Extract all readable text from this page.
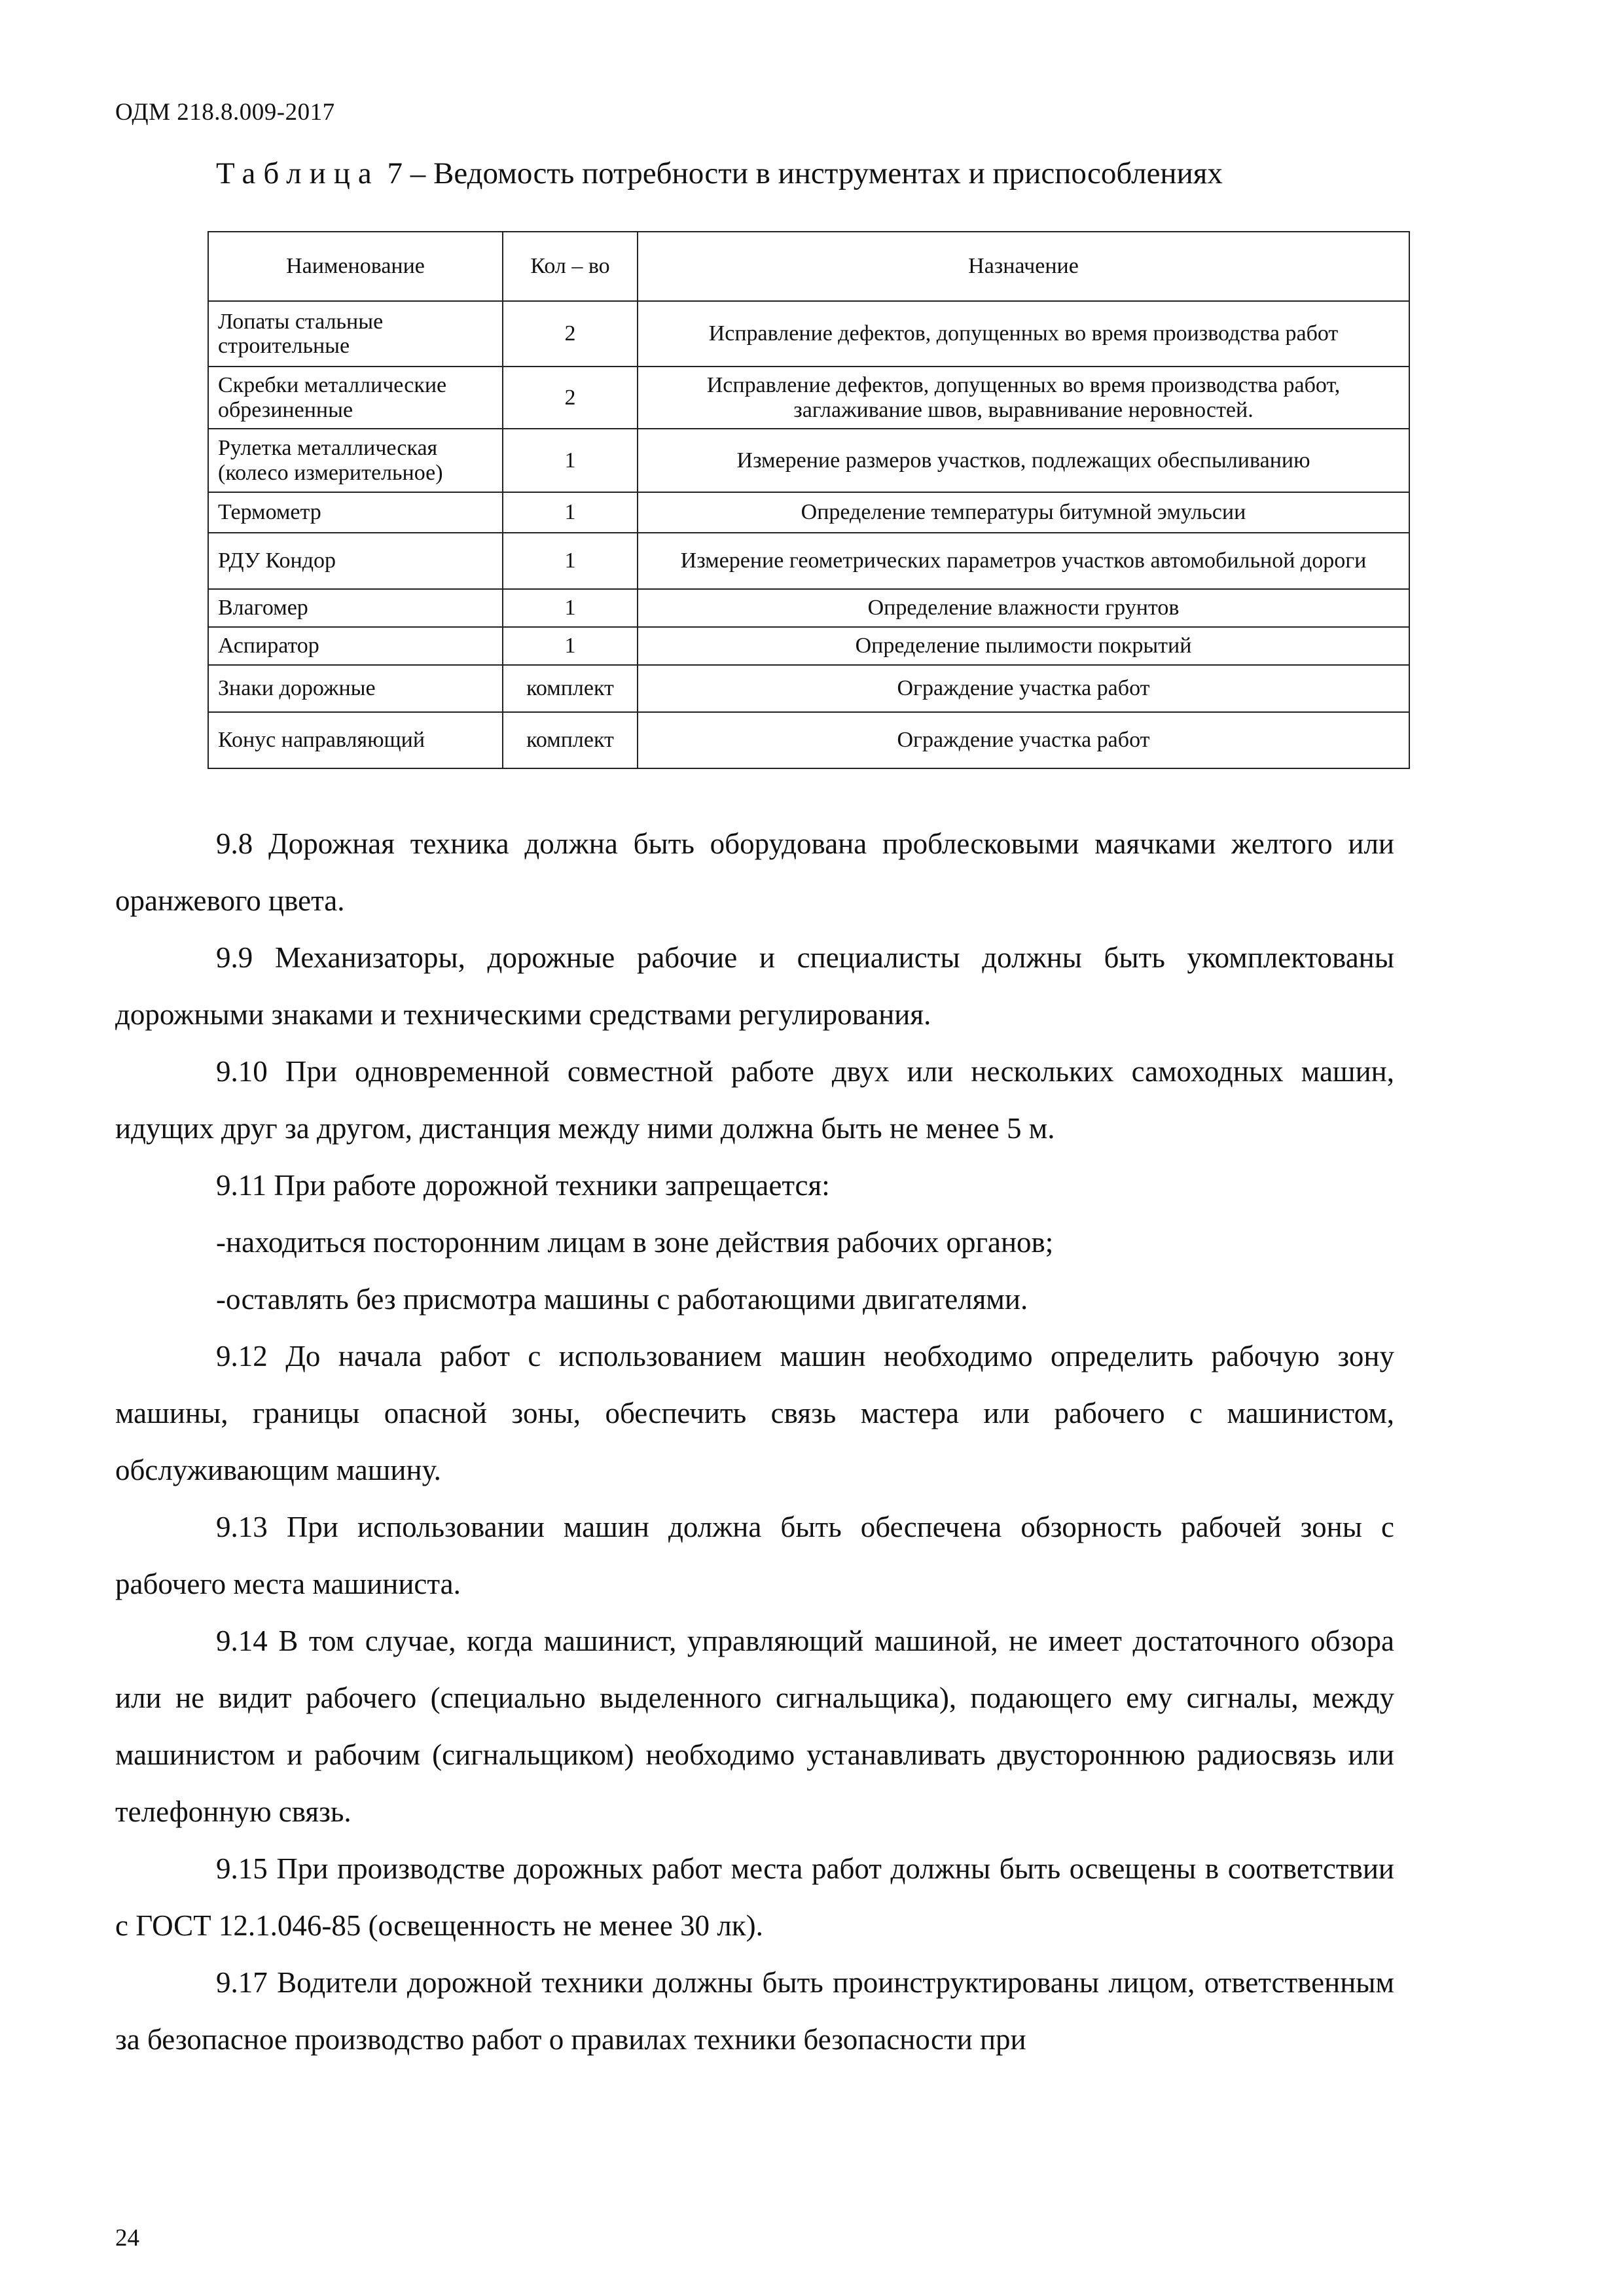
ОДМ 218.8.009-2017
Таблица 7 – Ведомость потребности в инструментах и приспособлениях
Наименование	Кол – во	Назначение
Лопаты стальные строительные	2	Исправление дефектов, допущенных во время производства работ
Скребки металлические обрезиненные	2	Исправление дефектов, допущенных во время производства работ, заглаживание швов, выравнивание неровностей.
Рулетка металлическая (колесо измерительное)	1	Измерение размеров участков, подлежащих обеспыливанию
Термометр	1	Определение температуры битумной эмульсии
РДУ Кондор	1	Измерение геометрических параметров участков автомобильной дороги
Влагомер	1	Определение влажности грунтов
Аспиратор	1	Определение пылимости покрытий
Знаки дорожные	комплект	Ограждение участка работ
Конус направляющий	комплект	Ограждение участка работ

9.8 Дорожная техника должна быть оборудована проблесковыми маячками желтого или оранжевого цвета.

9.9 Механизаторы, дорожные рабочие и специалисты должны быть укомплектованы дорожными знаками и техническими средствами регулирования.

9.10 При одновременной совместной работе двух или нескольких самоходных машин, идущих друг за другом, дистанция между ними должна быть не менее 5 м.

9.11 При работе дорожной техники запрещается:

-находиться посторонним лицам в зоне действия рабочих органов;

-оставлять без присмотра машины с работающими двигателями.

9.12 До начала работ с использованием машин необходимо определить рабочую зону машины, границы опасной зоны, обеспечить связь мастера или рабочего с машинистом, обслуживающим машину.

9.13 При использовании машин должна быть обеспечена обзорность рабочей зоны с рабочего места машиниста.

9.14 В том случае, когда машинист, управляющий машиной, не имеет достаточного обзора или не видит рабочего (специально выделенного сигнальщика), подающего ему сигналы, между машинистом и рабочим (сигнальщиком) необходимо устанавливать двустороннюю радиосвязь или телефонную связь.

9.15 При производстве дорожных работ места работ должны быть освещены в соответствии с ГОСТ 12.1.046-85 (освещенность не менее 30 лк).

9.17 Водители дорожной техники должны быть проинструктированы лицом, ответственным за безопасное производство работ о правилах техники безопасности при

24
